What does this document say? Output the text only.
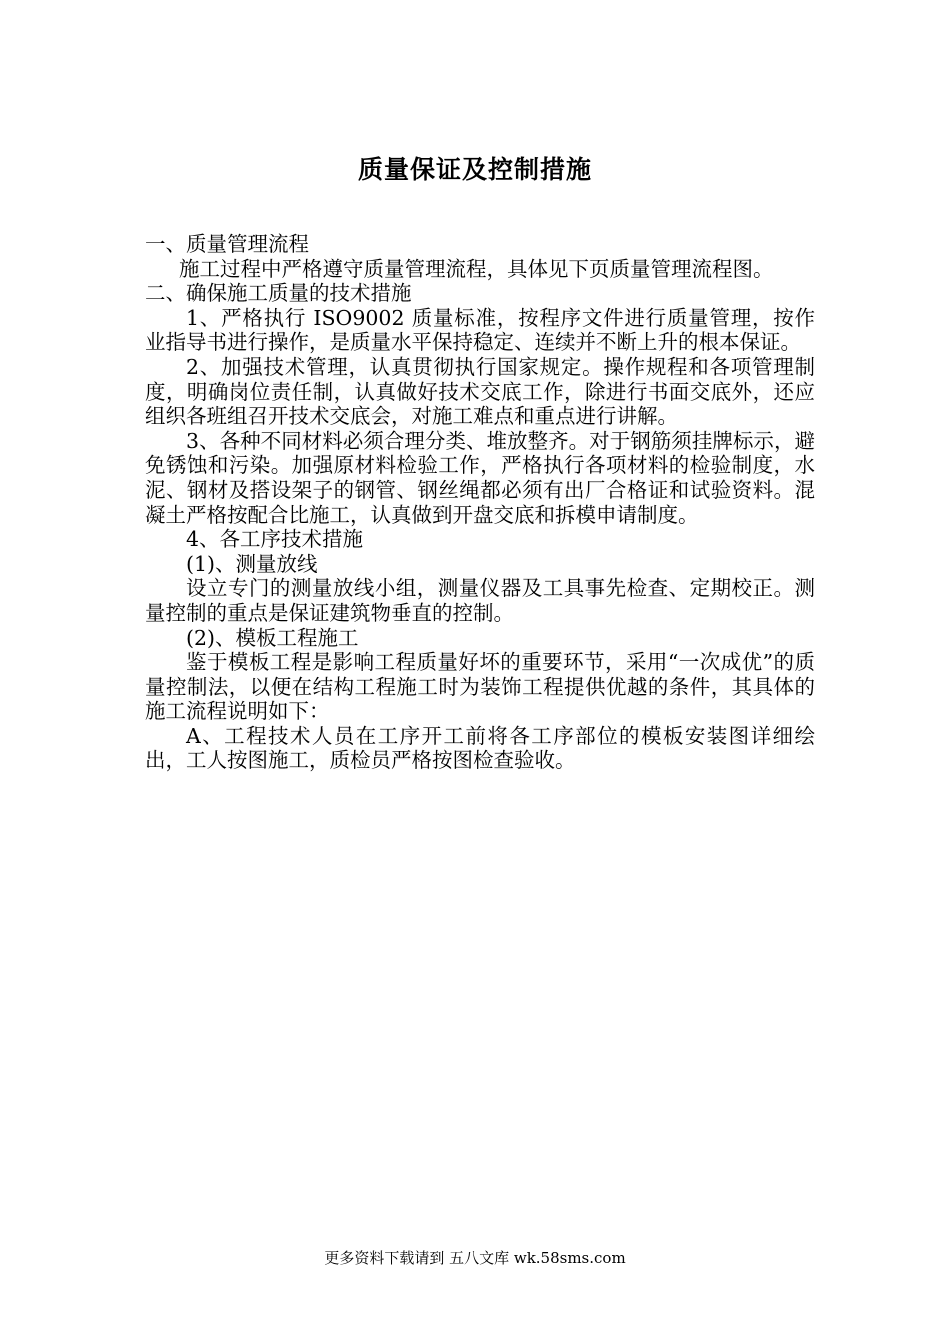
质量保证及控制措施

一、质量管理流程

施工过程中严格遵守质量管理流程，具体见下页质量管理流程图。

二、确保施工质量的技术措施

1、严格执行 ISO9002 质量标准，按程序文件进行质量管理，按作业指导书进行操作，是质量水平保持稳定、连续并不断上升的根本保证。

2、加强技术管理，认真贯彻执行国家规定。操作规程和各项管理制度，明确岗位责任制，认真做好技术交底工作，除进行书面交底外，还应组织各班组召开技术交底会，对施工难点和重点进行讲解。

3、各种不同材料必须合理分类、堆放整齐。对于钢筋须挂牌标示，避免锈蚀和污染。加强原材料检验工作，严格执行各项材料的检验制度，水泥、钢材及搭设架子的钢管、钢丝绳都必须有出厂合格证和试验资料。混凝土严格按配合比施工，认真做到开盘交底和拆模申请制度。

4、各工序技术措施

(1)、测量放线

设立专门的测量放线小组，测量仪器及工具事先检查、定期校正。测量控制的重点是保证建筑物垂直的控制。

(2)、模板工程施工

鉴于模板工程是影响工程质量好坏的重要环节，采用“一次成优”的质量控制法，以便在结构工程施工时为装饰工程提供优越的条件，其具体的施工流程说明如下：

A、工程技术人员在工序开工前将各工序部位的模板安装图详细绘出，工人按图施工，质检员严格按图检查验收。

更多资料下载请到 五八文库 wk.58sms.com
